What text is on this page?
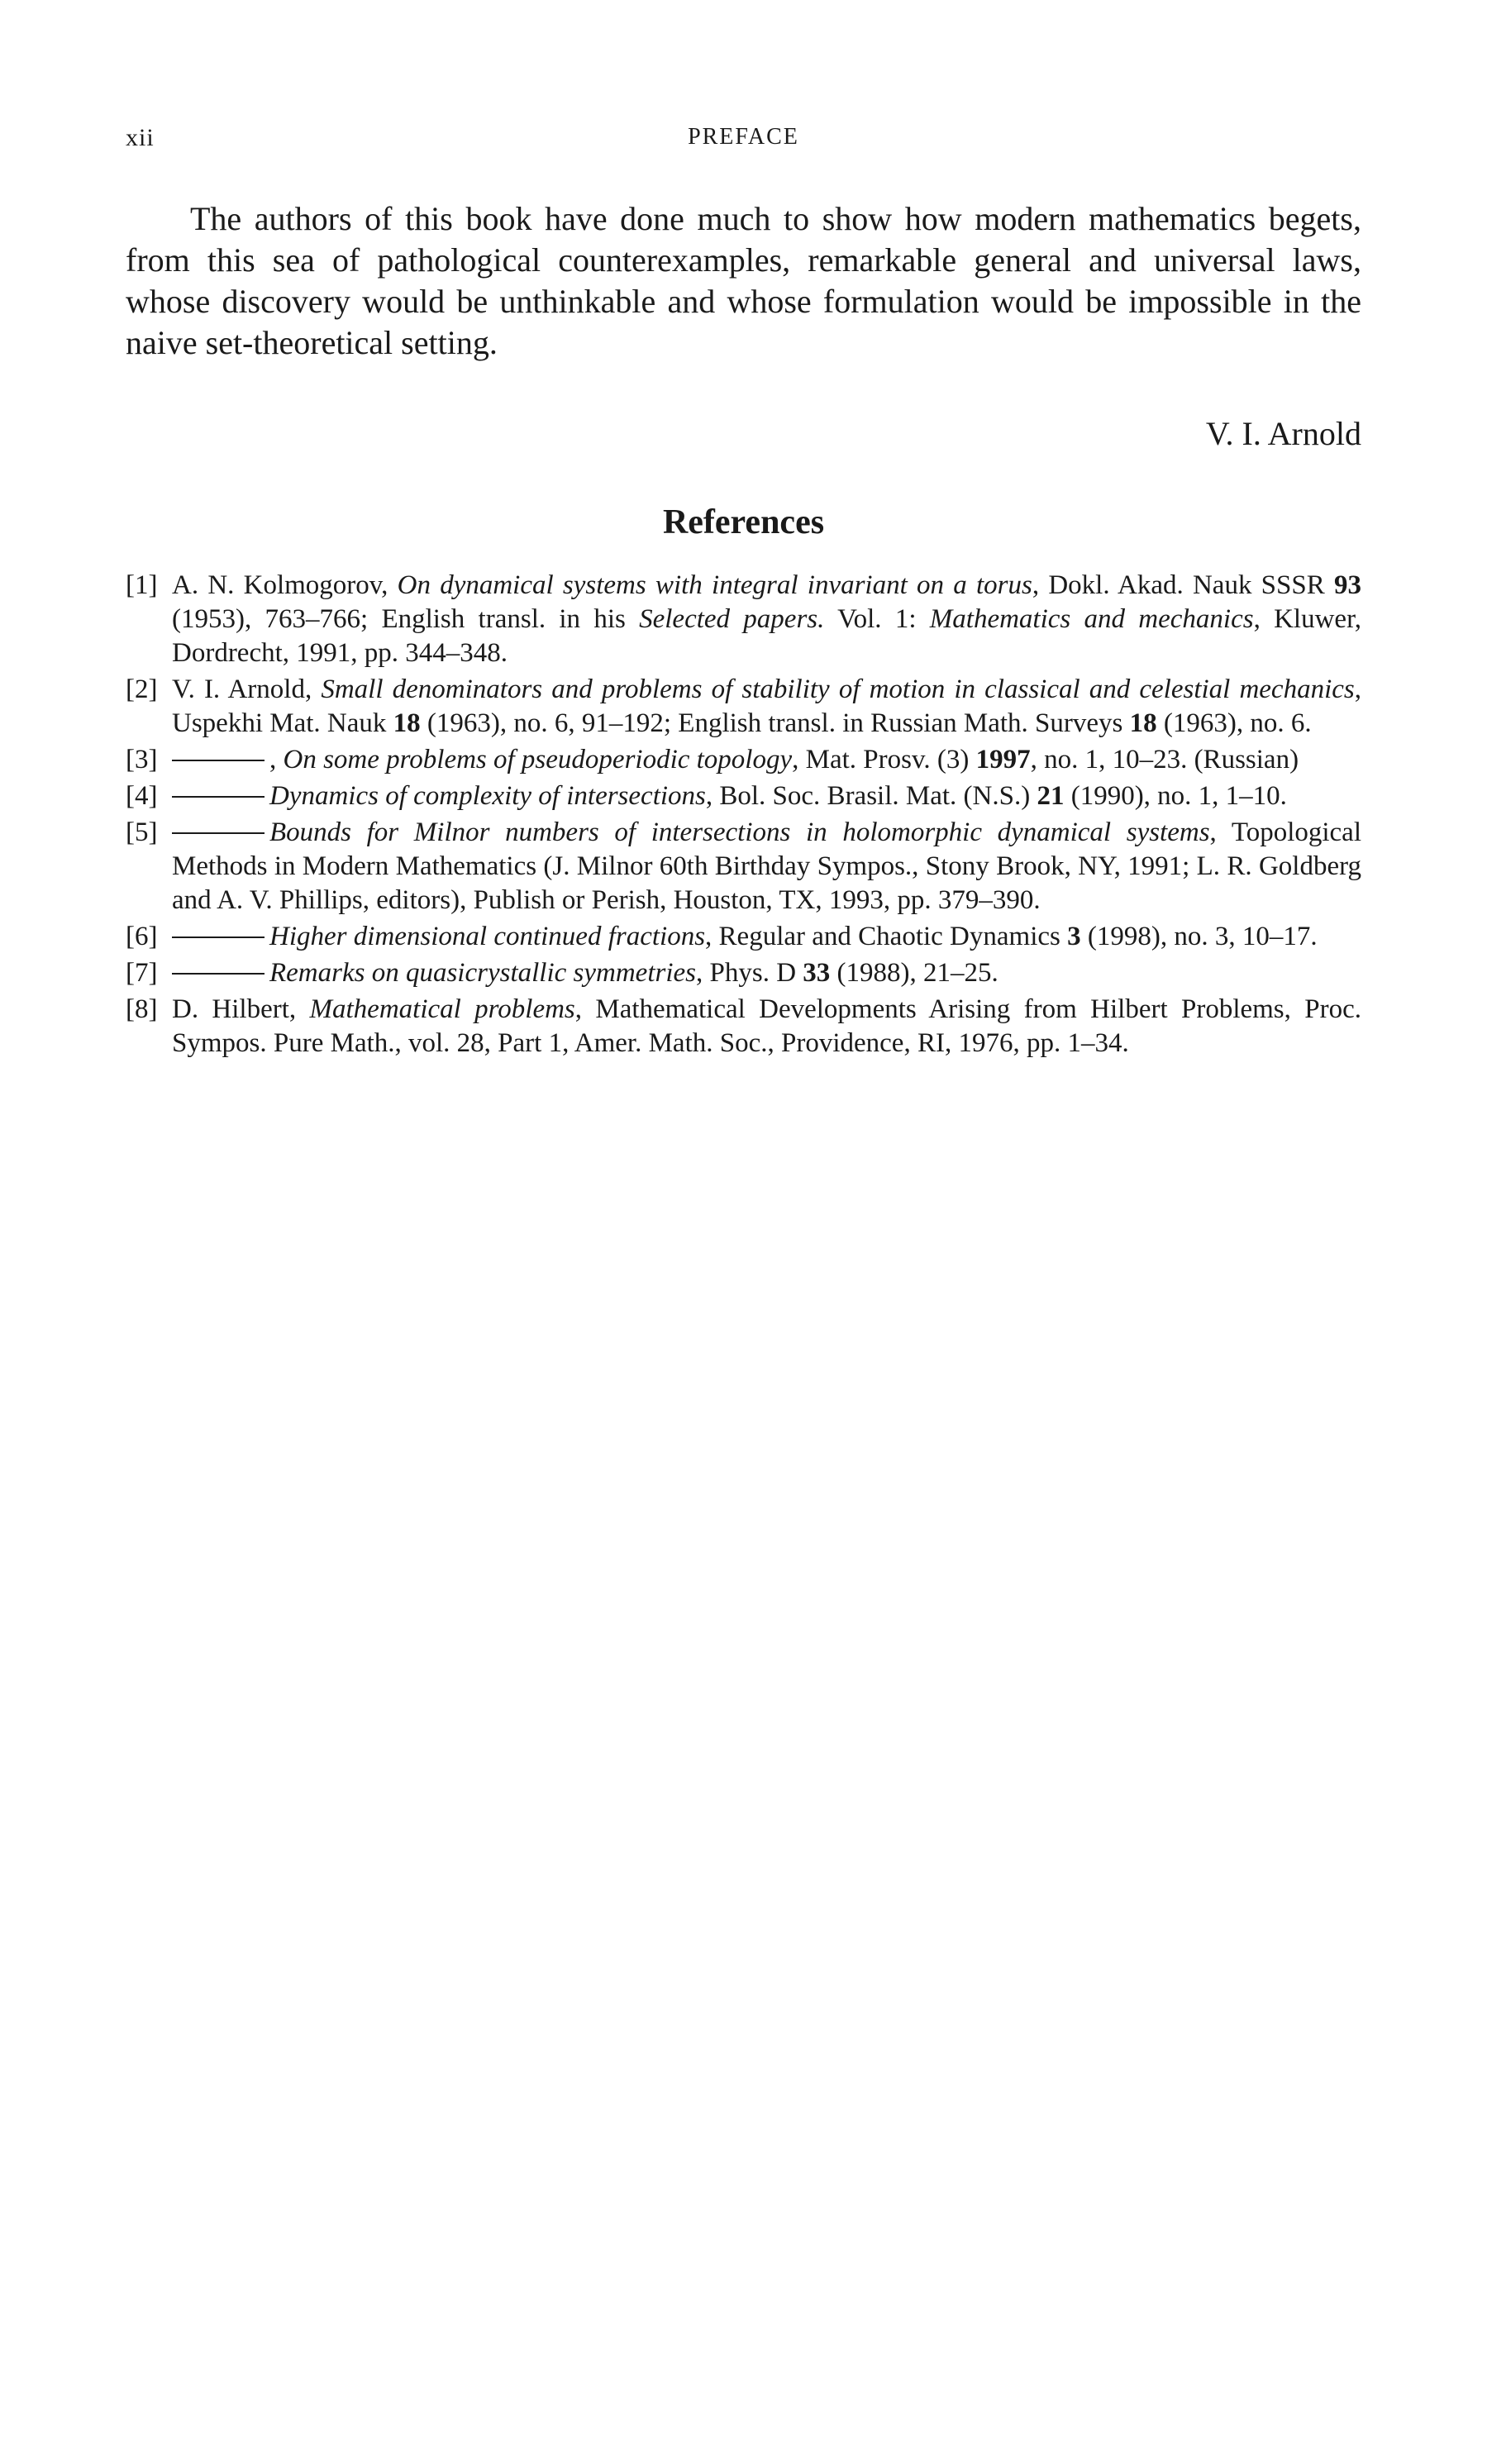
xii	PREFACE

The authors of this book have done much to show how modern mathematics begets, from this sea of pathological counterexamples, remarkable general and universal laws, whose discovery would be unthinkable and whose formulation would be impossible in the naive set-theoretical setting.

V. I. Arnold
References
[1] A. N. Kolmogorov, On dynamical systems with integral invariant on a torus, Dokl. Akad. Nauk SSSR 93 (1953), 763–766; English transl. in his Selected papers. Vol. 1: Mathematics and mechanics, Kluwer, Dordrecht, 1991, pp. 344–348.
[2] V. I. Arnold, Small denominators and problems of stability of motion in classical and celestial mechanics, Uspekhi Mat. Nauk 18 (1963), no. 6, 91–192; English transl. in Russian Math. Surveys 18 (1963), no. 6.
[3]	, On some problems of pseudoperiodic topology, Mat. Prosv. (3) 1997, no. 1, 10–23. (Russian)
[4]	Dynamics of complexity of intersections, Bol. Soc. Brasil. Mat. (N.S.) 21 (1990), no. 1, 1–10.
[5]	Bounds for Milnor numbers of intersections in holomorphic dynamical systems, Topological Methods in Modern Mathematics (J. Milnor 60th Birthday Sympos., Stony Brook, NY, 1991; L. R. Goldberg and A. V. Phillips, editors), Publish or Perish, Houston, TX, 1993, pp. 379–390.
[6]	Higher dimensional continued fractions, Regular and Chaotic Dynamics 3 (1998), no. 3, 10–17.
[7]	Remarks on quasicrystallic symmetries, Phys. D 33 (1988), 21–25.
[8] D. Hilbert, Mathematical problems, Mathematical Developments Arising from Hilbert Problems, Proc. Sympos. Pure Math., vol. 28, Part 1, Amer. Math. Soc., Providence, RI, 1976, pp. 1–34.
